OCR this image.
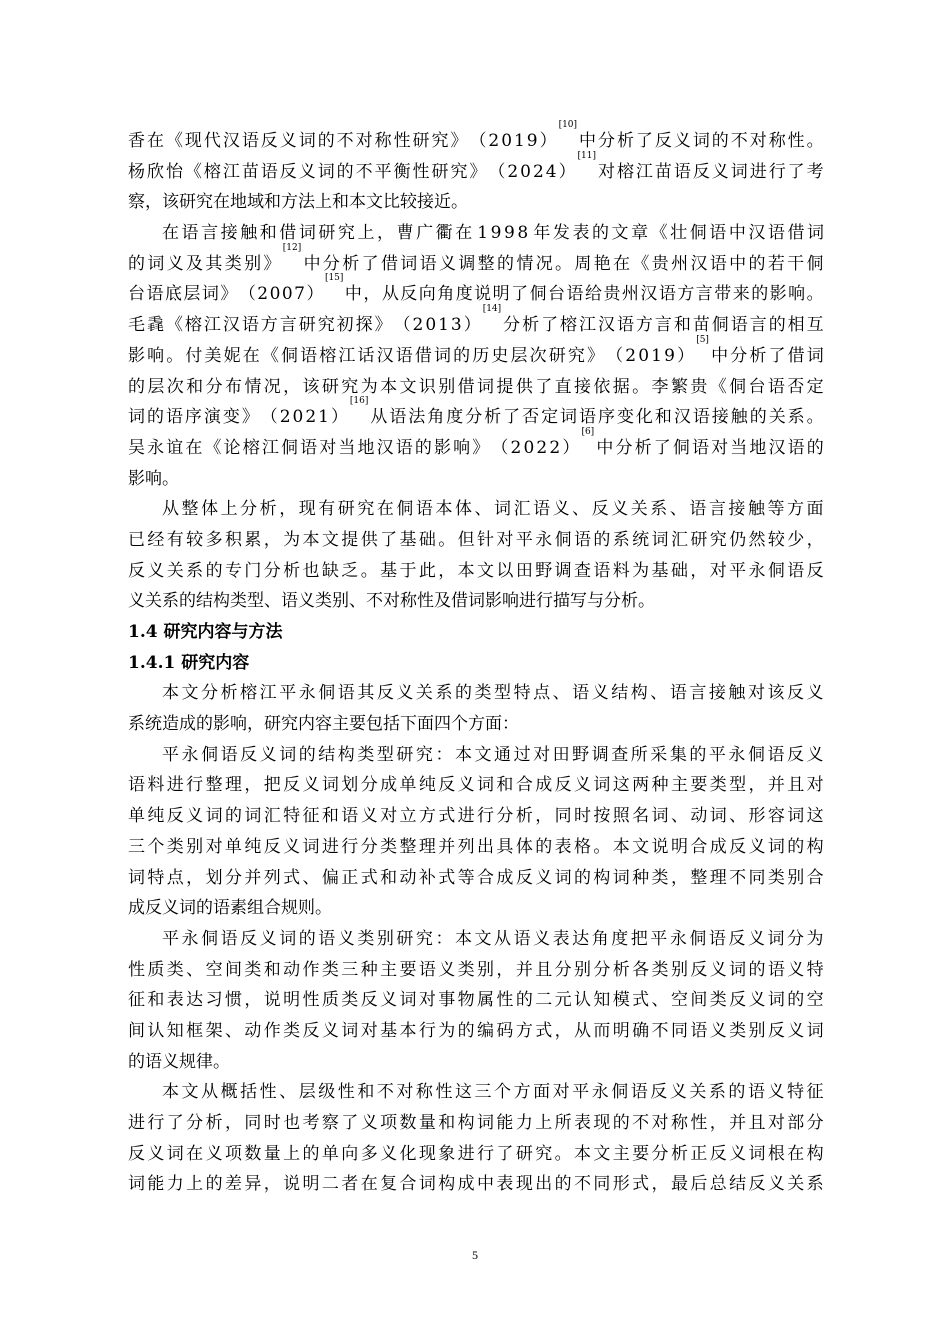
香 在 《 现 代 汉 语 反 义 词 的 不 对 称 性 研 究 》 （ 2 0 1 9 ）
[10]
中 分 析 了 反 义 词 的 不 对 称 性 。
杨 欣 怡 《 榕 江 苗 语 反 义 词 的 不 平 衡 性 研 究 》 （ 2 0 2 4 ）
[11]
对 榕 江 苗 语 反 义 词 进 行 了 考
察 ， 该 研 究 在 地 域 和 方 法 上 和 本 文 比 较 接 近 。
在 语 言 接 触 和 借 词 研 究 上 ， 曹 广 衢 在 1 9 9 8 年 发 表 的 文 章 《 壮 侗 语 中 汉 语 借 词
的 词 义 及 其 类 别 》
[12]
中 分 析 了 借 词 语 义 调 整 的 情 况 。 周 艳 在 《 贵 州 汉 语 中 的 若 干 侗
台 语 底 层 词 》 （ 2 0 0 7 ）
[15]
中 ， 从 反 向 角 度 说 明 了 侗 台 语 给 贵 州 汉 语 方 言 带 来 的 影 响 。
毛 毳 《 榕 江 汉 语 方 言 研 究 初 探 》 （ 2 0 1 3 ）
[14]
分 析 了 榕 江 汉 语 方 言 和 苗 侗 语 言 的 相 互
影 响 。 付 美 妮 在 《 侗 语 榕 江 话 汉 语 借 词 的 历 史 层 次 研 究 》 （ 2 0 1 9 ）
[5]
中 分 析 了 借 词
的 层 次 和 分 布 情 况 ， 该 研 究 为 本 文 识 别 借 词 提 供 了 直 接 依 据 。 李 繁 贵 《 侗 台 语 否 定
词 的 语 序 演 变 》 （ 2 0 2 1 ）
[16]
从 语 法 角 度 分 析 了 否 定 词 语 序 变 化 和 汉 语 接 触 的 关 系 。
吴 永 谊 在 《 论 榕 江 侗 语 对 当 地 汉 语 的 影 响 》 （ 2 0 2 2 ）
[6]
中 分 析 了 侗 语 对 当 地 汉 语 的
影 响 。
从 整 体 上 分 析 ， 现 有 研 究 在 侗 语 本 体 、 词 汇 语 义 、 反 义 关 系 、 语 言 接 触 等 方 面
已 经 有 较 多 积 累 ， 为 本 文 提 供 了 基 础 。 但 针 对 平 永 侗 语 的 系 统 词 汇 研 究 仍 然 较 少 ，
反 义 关 系 的 专 门 分 析 也 缺 乏 。 基 于 此 ， 本 文 以 田 野 调 查 语 料 为 基 础 ， 对 平 永 侗 语 反
义 关 系 的 结 构 类 型 、 语 义 类 别 、 不 对 称 性 及 借 词 影 响 进 行 描 写 与 分 析 。
1.4 研究内容与方法
1.4.1 研究内容
本 文 分 析 榕 江 平 永 侗 语 其 反 义 关 系 的 类 型 特 点 、 语 义 结 构 、 语 言 接 触 对 该 反 义
系 统 造 成 的 影 响 ， 研 究 内 容 主 要 包 括 下 面 四 个 方 面 ：
平 永 侗 语 反 义 词 的 结 构 类 型 研 究 ： 本 文 通 过 对 田 野 调 查 所 采 集 的 平 永 侗 语 反 义
语 料 进 行 整 理 ， 把 反 义 词 划 分 成 单 纯 反 义 词 和 合 成 反 义 词 这 两 种 主 要 类 型 ， 并 且 对
单 纯 反 义 词 的 词 汇 特 征 和 语 义 对 立 方 式 进 行 分 析 ， 同 时 按 照 名 词 、 动 词 、 形 容 词 这
三 个 类 别 对 单 纯 反 义 词 进 行 分 类 整 理 并 列 出 具 体 的 表 格 。 本 文 说 明 合 成 反 义 词 的 构
词 特 点 ， 划 分 并 列 式 、 偏 正 式 和 动 补 式 等 合 成 反 义 词 的 构 词 种 类 ， 整 理 不 同 类 别 合
成 反 义 词 的 语 素 组 合 规 则 。
平 永 侗 语 反 义 词 的 语 义 类 别 研 究 ： 本 文 从 语 义 表 达 角 度 把 平 永 侗 语 反 义 词 分 为
性 质 类 、 空 间 类 和 动 作 类 三 种 主 要 语 义 类 别 ， 并 且 分 别 分 析 各 类 别 反 义 词 的 语 义 特
征 和 表 达 习 惯 ， 说 明 性 质 类 反 义 词 对 事 物 属 性 的 二 元 认 知 模 式 、 空 间 类 反 义 词 的 空
间 认 知 框 架 、 动 作 类 反 义 词 对 基 本 行 为 的 编 码 方 式 ， 从 而 明 确 不 同 语 义 类 别 反 义 词
的 语 义 规 律 。
本 文 从 概 括 性 、 层 级 性 和 不 对 称 性 这 三 个 方 面 对 平 永 侗 语 反 义 关 系 的 语 义 特 征
进 行 了 分 析 ， 同 时 也 考 察 了 义 项 数 量 和 构 词 能 力 上 所 表 现 的 不 对 称 性 ， 并 且 对 部 分
反 义 词 在 义 项 数 量 上 的 单 向 多 义 化 现 象 进 行 了 研 究 。 本 文 主 要 分 析 正 反 义 词 根 在 构
词 能 力 上 的 差 异 ， 说 明 二 者 在 复 合 词 构 成 中 表 现 出 的 不 同 形 式 ， 最 后 总 结 反 义 关 系
5
